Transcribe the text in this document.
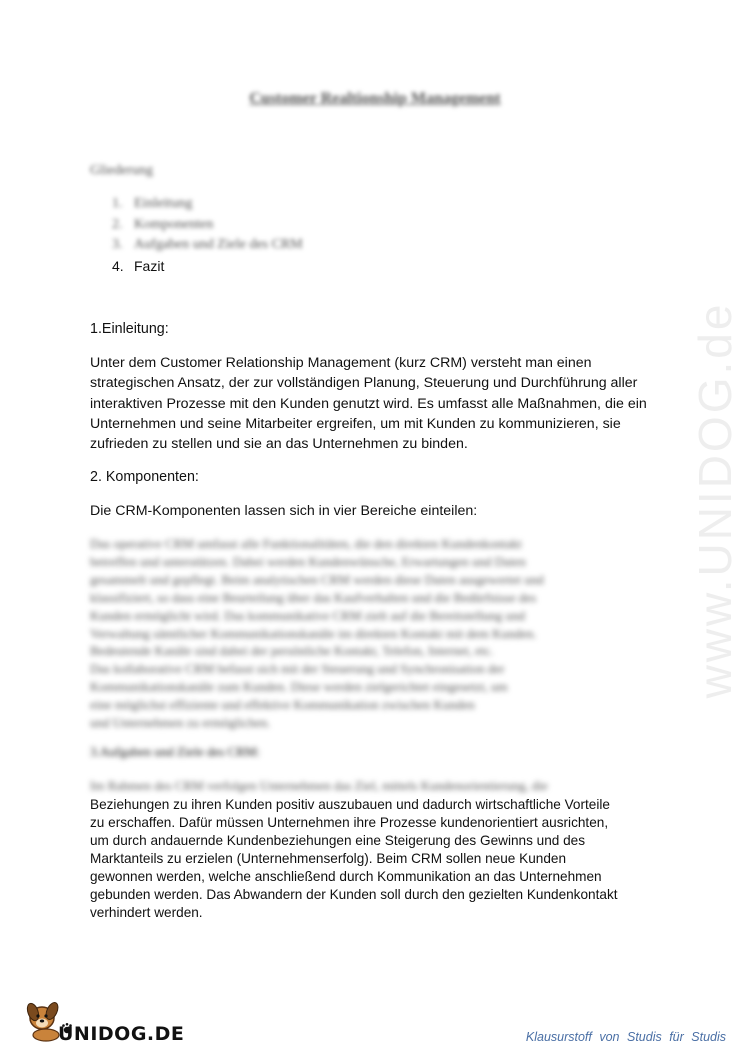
Customer Realtionship Management
Gliederung
1. Einleitung
2. Komponenten
3. Aufgaben und Ziele des CRM
4. Fazit
1.Einleitung:
Unter dem Customer Relationship Management (kurz CRM) versteht man einen
strategischen Ansatz, der zur vollständigen Planung, Steuerung und Durchführung aller
interaktiven Prozesse mit den Kunden genutzt wird. Es umfasst alle Maßnahmen, die ein
Unternehmen und seine Mitarbeiter ergreifen, um mit Kunden zu kommunizieren, sie
zufrieden zu stellen und sie an das Unternehmen zu binden.
2. Komponenten:
Die CRM-Komponenten lassen sich in vier Bereiche einteilen:
Das operative CRM umfasst alle Funktionalitäten, die den direkten Kundenkontakt
betreffen und unterstützen. Dabei werden Kundenwünsche, Erwartungen und Daten
gesammelt und gepflegt. Beim analytischen CRM werden diese Daten ausgewertet und
klassifiziert, so dass eine Beurteilung über das Kaufverhalten und die Bedürfnisse des
Kunden ermöglicht wird. Das kommunikative CRM zielt auf die Bereitstellung und
Verwaltung sämtlicher Kommunikationskanäle im direkten Kontakt mit dem Kunden.
Bedeutende Kanäle sind dabei der persönliche Kontakt, Telefon, Internet, etc.
Das kollaborative CRM befasst sich mit der Steuerung und Synchronisation der
Kommunikationskanäle zum Kunden. Diese werden zielgerichtet eingesetzt, um
eine möglichst effiziente und effektive Kommunikation zwischen Kunden
und Unternehmen zu ermöglichen.
3.Aufgaben und Ziele des CRM:
Im Rahmen des CRM verfolgen Unternehmen das Ziel, mittels Kundenorientierung, die
Beziehungen zu ihren Kunden positiv auszubauen und dadurch wirtschaftliche Vorteile
zu erschaffen. Dafür müssen Unternehmen ihre Prozesse kundenorientiert ausrichten,
um durch andauernde Kundenbeziehungen eine Steigerung des Gewinns und des
Marktanteils zu erzielen (Unternehmenserfolg). Beim CRM sollen neue Kunden
gewonnen werden, welche anschließend durch Kommunikation an das Unternehmen
gebunden werden. Das Abwandern der Kunden soll durch den gezielten Kundenkontakt
verhindert werden.
www.UNIDOG.de
UNIDOG.DE	Klausurstoff von Studis für Studis
